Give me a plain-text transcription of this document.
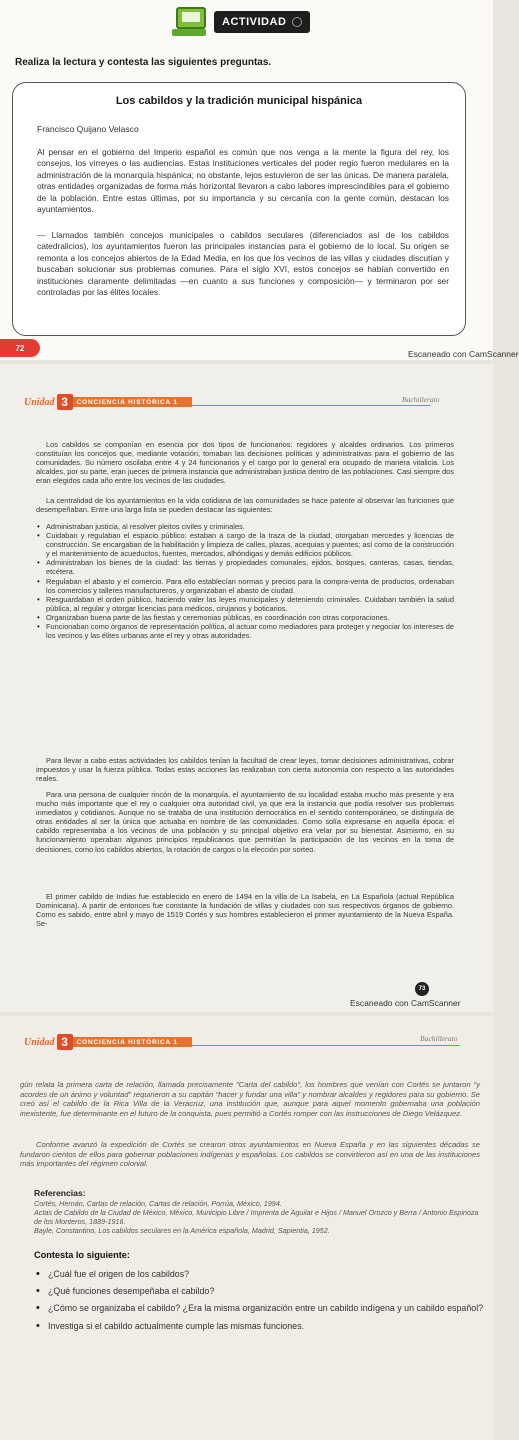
ACTIVIDAD
Realiza la lectura y contesta las siguientes preguntas.
Los cabildos y la tradición municipal hispánica
Francisco Quijano Velasco

Al pensar en el gobierno del Imperio español es común que nos venga a la mente la figura del rey, los consejos, los virreyes o las audiencias. Estas instituciones verticales del poder regio fueron medulares en la administración de la monarquía hispánica; no obstante, lejos estuvieron de ser las únicas. De manera paralela, otras entidades organizadas de forma más horizontal llevaron a cabo labores imprescindibles para el gobierno de la población. Entre estas últimas, por su importancia y su cercanía con la gente común, destacan los ayuntamientos.

— Llamados también concejos municipales o cabildos seculares (diferenciados así de los cabildos catedralicios), los ayuntamientos fueron las principales instancias para el gobierno de lo local. Su origen se remonta a los concejos abiertos de la Edad Media, en los que los vecinos de las villas y ciudades discutían y buscaban solucionar sus problemas comunes. Para el siglo XVI, estos concejos se habían convertido en instituciones claramente delimitadas —en cuanto a sus funciones y composición— y terminaron por ser controladas por las élites locales.

72
Escaneado con CamScanner
Unidad 3	CONCIENCIA HISTÓRICA 1	Bachillerato

Los cabildos se componían en esencia por dos tipos de funcionarios: regidores y alcaldes ordinarios. Los primeros constituían los concejos que, mediante votación, tomaban las decisiones políticas y administrativas para el gobierno de las comunidades. Su número oscilaba entre 4 y 24 funcionarios y el cargo por lo general era ocupado de manera vitalicia. Los alcaldes, por su parte, eran jueces de primera instancia que administraban justicia dentro de las poblaciones. Casi siempre dos eran elegidos cada año entre los vecinos de las ciudades.

La centralidad de los ayuntamientos en la vida cotidiana de las comunidades se hace patente al observar las funciones que desempeñaban. Entre una larga lista se pueden destacar las siguientes:

• Administraban justicia, al resolver pleitos civiles y criminales.
• Cuidaban y regulaban el espacio público: estaban a cargo de la traza de la ciudad, otorgaban mercedes y licencias de construcción. Se encargaban de la habilitación y limpieza de calles, plazas, acequias y puentes; así como de la construcción y el mantenimiento de acueductos, fuentes, mercados, alhóndigas y demás edificios públicos.
• Administraban los bienes de la ciudad: las tierras y propiedades comunales, ejidos, bosques, canteras, casas, tiendas, etcétera.
• Regulaban el abasto y el comercio. Para ello establecían normas y precios para la compra-venta de productos, ordenaban los comercios y talleres manufactureros, y organizaban el abasto de ciudad.
• Resguardaban el orden público, haciendo valer las leyes municipales y deteniendo criminales. Cuidaban también la salud pública, al regular y otorgar licencias para médicos, cirujanos y boticarios.
• Organizaban buena parte de las fiestas y ceremonias públicas, en coordinación con otras corporaciones.
• Funcionaban como órganos de representación política, al actuar como mediadores para proteger y negociar los intereses de los vecinos y las élites urbanas ante el rey y otras autoridades.

Para llevar a cabo estas actividades los cabildos tenían la facultad de crear leyes, tomar decisiones administrativas, cobrar impuestos y usar la fuerza pública. Todas estas acciones las realizaban con cierta autonomía con respecto a las autoridades reales.

Para una persona de cualquier rincón de la monarquía, el ayuntamiento de su localidad estaba mucho más presente y era mucho más importante que el rey o cualquier otra autoridad civil, ya que era la instancia que podía resolver sus problemas inmediatos y cotidianos. Aunque no se trataba de una institución democrática en el sentido contemporáneo, se distinguía de otras entidades al ser la única que actuaba en nombre de las comunidades. Como solía expresarse en aquella época: el cabildo representaba a los vecinos de una población y su principal objetivo era velar por su bienestar. Asimismo, en su funcionamiento operaban algunos principios republicanos que permitían la participación de los vecinos en la toma de decisiones, como los cabildos abiertos, la rotación de cargos o la elección por sorteo.

El primer cabildo de Indias fue establecido en enero de 1494 en la villa de La Isabela, en La Española (actual República Dominicana). A partir de entonces fue constante la fundación de villas y ciudades con sus respectivos órganos de gobierno. Como es sabido, entre abril y mayo de 1519 Cortés y sus hombres establecieron el primer ayuntamiento de la Nueva España. Se-

73
Escaneado con CamScanner
Unidad 3	CONCIENCIA HISTÓRICA 1	Bachillerato

gún relata la primera carta de relación, llamada precisamente "Carta del cabildo", los hombres que venían con Cortés se juntaron "y acordes de un ánimo y voluntad" requirieron a su capitán "hacer y fundar una villa" y nombrar alcaldes y regidores para su gobierno. Se creó así el cabildo de la Rica Villa de la Veracruz, una institución que, aunque para aquel momento gobernaba una población inexistente, fue determinante en el futuro de la conquista, pues permitió a Cortés romper con las instrucciones de Diego Velázquez.

Conforme avanzó la expedición de Cortés se crearon otros ayuntamientos en Nueva España y en las siguientes décadas se fundaron cientos de ellos para gobernar poblaciones indígenas y españolas. Los cabildos se convirtieron así en una de las instituciones más importantes del régimen colonial.

Referencias:
Cortés, Hernán, Cartas de relación, Cartas de relación, Porrúa, México, 1994.
Actas de Cabildo de la Ciudad de México, México, Municipio Libre / Imprenta de Aguilar e Hijos / Manuel Orozco y Berra / Antonio Espinoza de los Monteros, 1889-1916.
Bayle, Constantino, Los cabildos seculares en la América española, Madrid, Sapientia, 1952.
Contesta lo siguiente:
• ¿Cuál fue el origen de los cabildos?
• ¿Qué funciones desempeñaba el cabildo?
• ¿Cómo se organizaba el cabildo? ¿Era la misma organización entre un cabildo indígena y un cabildo español?
• Investiga si el cabildo actualmente cumple las mismas funciones.
